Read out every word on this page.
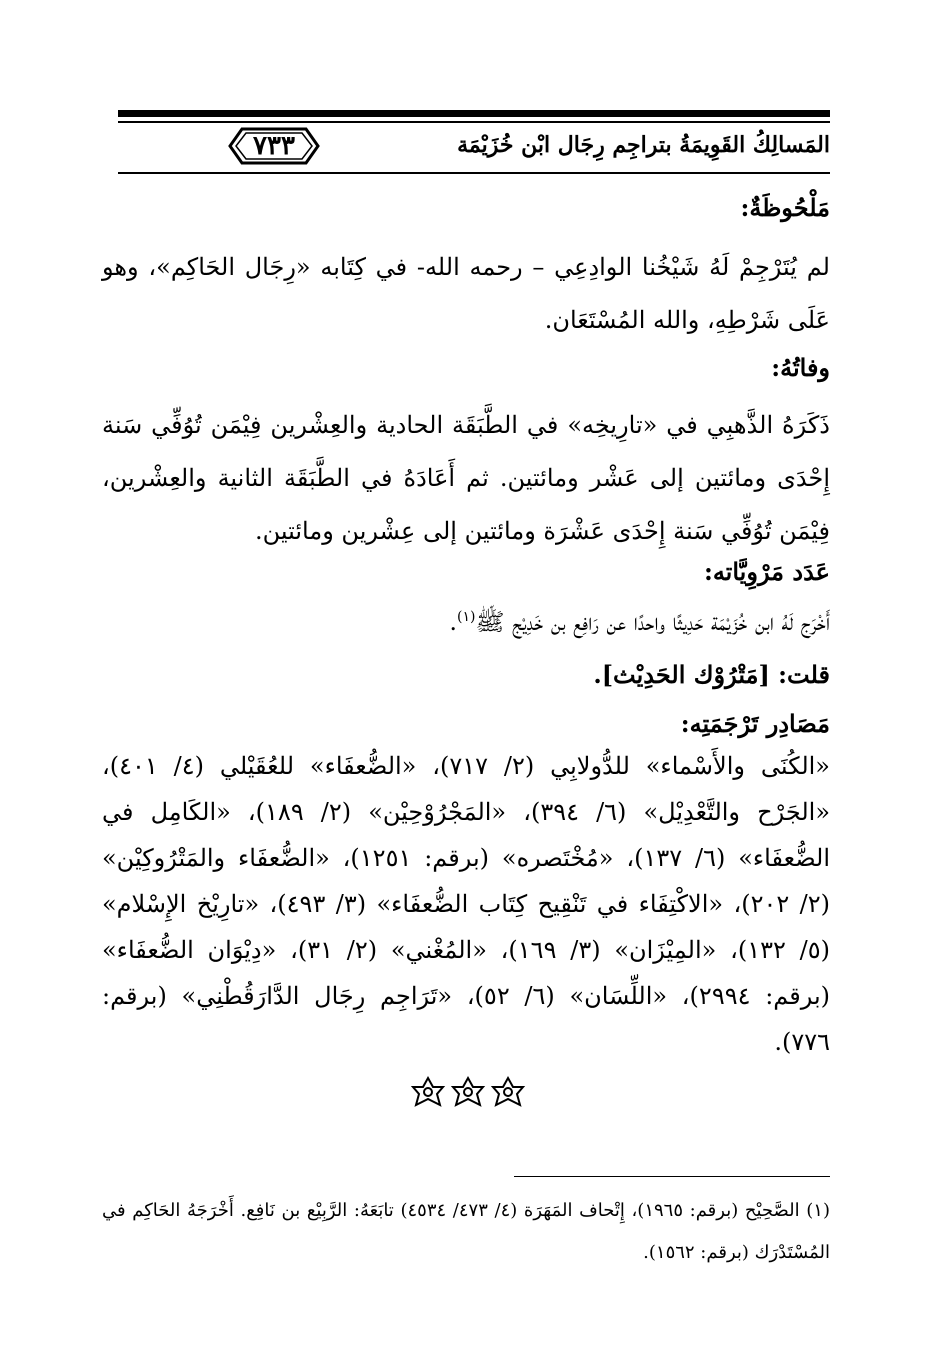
٧٣٣	المَسالِكُ القَوِيمَةُ بتراجِم رِجَال ابْن خُزَيْمَة
مَلْحُوظَةٌ:
لم يُتَرْجِمْ لَهُ شَيْخُنا الوادِعِي – رحمه الله- في كِتَابه «رِجَال الحَاكِم»، وهو عَلَى شَرْطِهِ، والله المُسْتَعَان.
وفاتُهُ:
ذَكَرَهُ الذَّهبِي في «تارِيخِه» في الطَّبَقَة الحادية والعِشْرين فِيْمَن تُوُفِّي سَنة إِحْدَى ومائتين إلى عَشْر ومائتين. ثم أَعَادَهُ في الطَّبَقَة الثانية والعِشْرين، فِيْمَن تُوُفِّي سَنة إِحْدَى عَشْرَة ومائتين إلى عِشْرين ومائتين.
عَدَد مَرْوِيَّاته:
أَخْرَج لَهُ ابن خُزَيْمَة حَدِيثًا واحدًا عن رَافِع بن خَدِيْج ﷺ$^{(١)}$.
قلت: [مَتْرُوْك الحَدِيْث].
مَصَادِر تَرْجَمَتِه:
«الكُنَى والأَسْماء» للدُّولابِي (٢/ ٧١٧)، «الضُّعفَاء» للعُقَيْلي (٤/ ٤٠١)، «الجَرْح والتَّعْدِيْل» (٦/ ٣٩٤)، «المَجْرُوْحِيْن» (٢/ ١٨٩)، «الكَامِل في الضُّعفَاء» (٦/ ١٣٧)، «مُخْتَصره» (برقم: ١٢٥١)، «الضُّعفَاء والمَتْرُوكِيْن» (٢/ ٢٠٢)، «الاكْتِفَاء في تَنْقِيح كِتَاب الضُّعفَاء» (٣/ ٤٩٣)، «تارِيْخ الإِسْلام» (٥/ ١٣٢)، «المِيْزَان» (٣/ ١٦٩)، «المُغْني» (٢/ ٣١)، «دِيْوَان الضُّعفَاء» (برقم: ٢٩٩٤)، «اللِّسَان» (٦/ ٥٢)، «تَرَاجِم رِجَال الدَّارَقُطْنِي» (برقم: ٧٧٦).
(١) الصَّحِيْح (برقم: ١٩٦٥)، إِتْحاف المَهَرَة (٤/ ٤٧٣/ ٤٥٣٤) تابَعَهُ: الرَّبِيْع بن نَافِع. أَخْرَجَهُ الحَاكِم في المُسْتَدْرَك (برقم: ١٥٦٢).
